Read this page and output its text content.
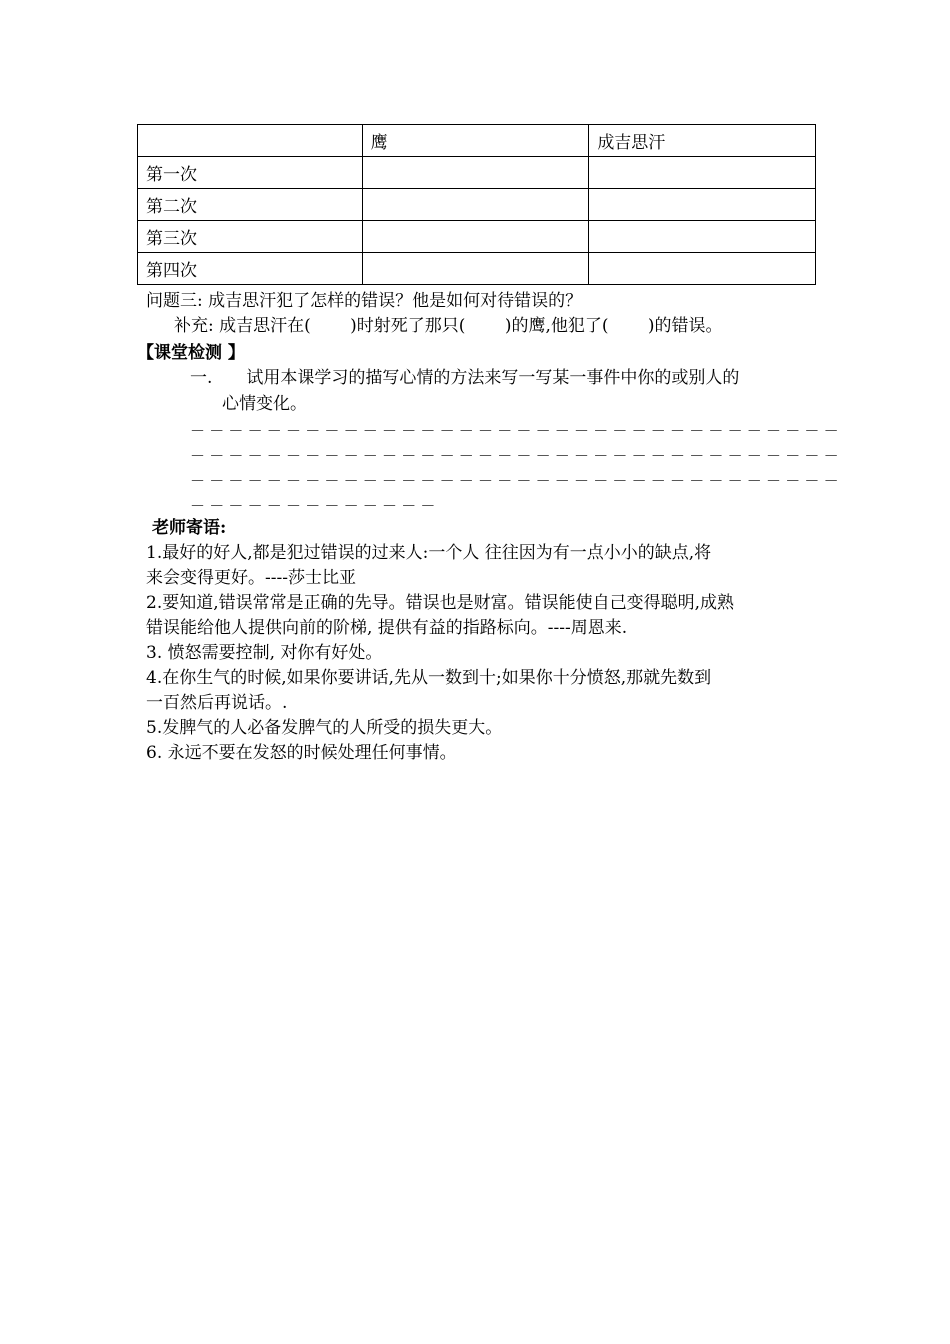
	鹰	成吉思汗
第一次		
第二次		
第三次		
第四次		
问题三: 成吉思汗犯了怎样的错误？他是如何对待错误的？
补充: 成吉思汗在(　　 )时射死了那只(　　 )的鹰,他犯了(　　 )的错误。
【课堂检测 】
一.　　试用本课学习的描写心情的方法来写一写某一事件中你的或别人的
心情变化。
－－－－－－－－－－－－－－－－－－－－－－－－－－－－－－－－－－
－－－－－－－－－－－－－－－－－－－－－－－－－－－－－－－－－－
－－－－－－－－－－－－－－－－－－－－－－－－－－－－－－－－－－
－－－－－－－－－－－－－
老师寄语:
1.最好的好人,都是犯过错误的过来人:一个人 往往因为有一点小小的缺点,将
来会变得更好。----莎士比亚
2.要知道,错误常常是正确的先导。错误也是财富。错误能使自己变得聪明,成熟
错误能给他人提供向前的阶梯, 提供有益的指路标向。----周恩来.
3. 愤怒需要控制, 对你有好处。
4.在你生气的时候,如果你要讲话,先从一数到十;如果你十分愤怒,那就先数到
一百然后再说话。.
5.发脾气的人必备发脾气的人所受的损失更大。
6. 永远不要在发怒的时候处理任何事情。
